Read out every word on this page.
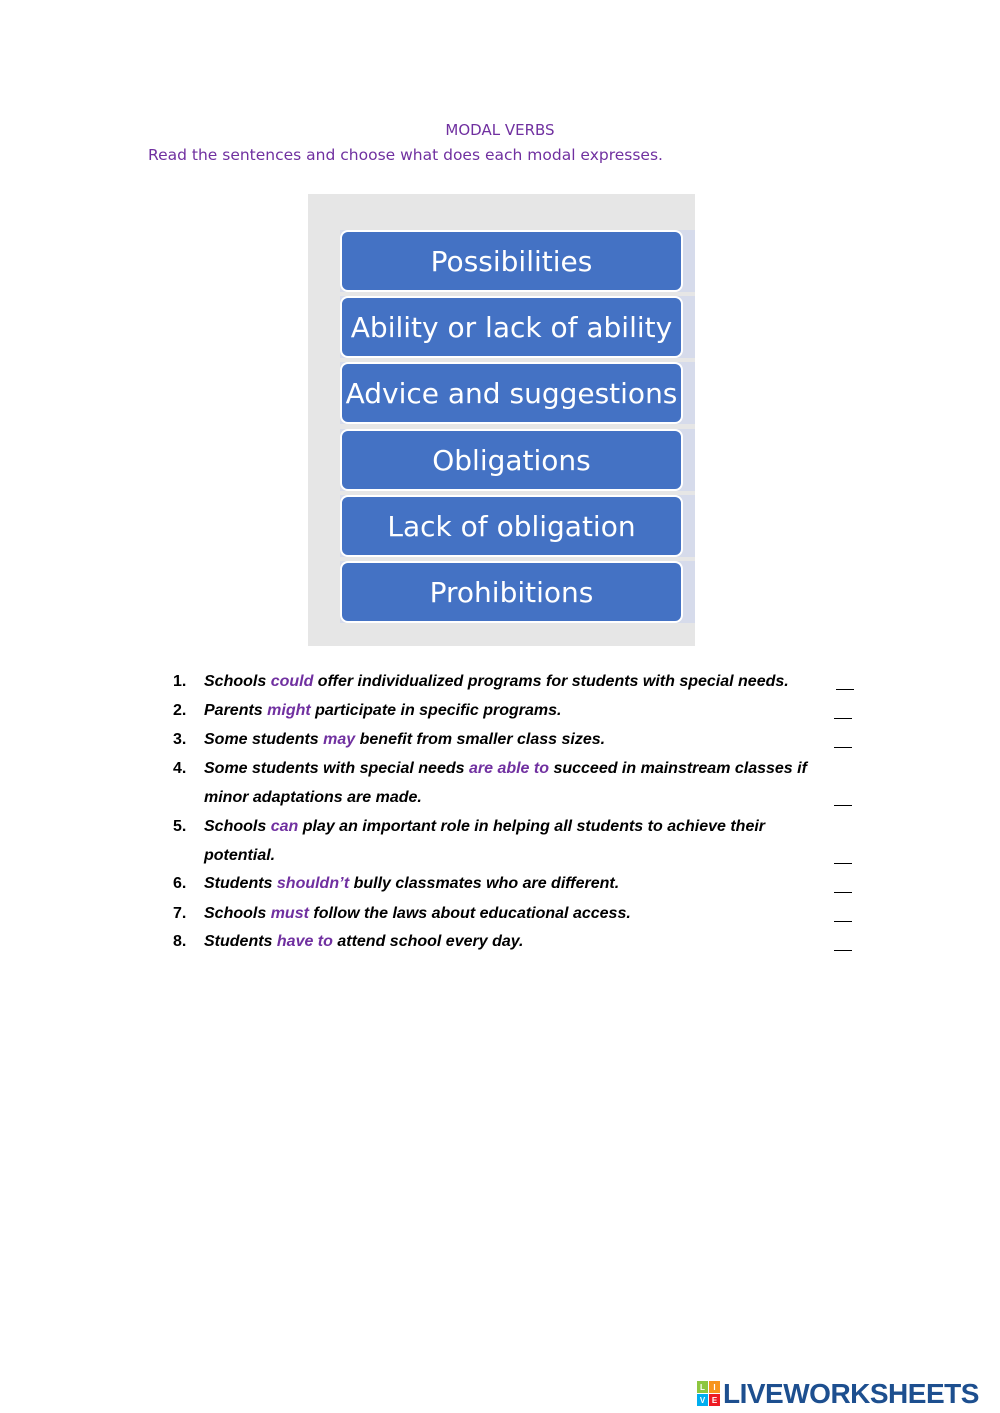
MODAL VERBS

Read the sentences and choose what does each modal expresses.

Possibilities
Ability or lack of ability
Advice and suggestions
Obligations
Lack of obligation
Prohibitions
1. Schools could offer individualized programs for students with special needs.
2. Parents might participate in specific programs.
3. Some students may benefit from smaller class sizes.
4. Some students with special needs are able to succeed in mainstream classes if
minor adaptations are made.
5. Schools can play an important role in helping all students to achieve their
potential.
6. Students shouldn’t bully classmates who are different.
7. Schools must follow the laws about educational access.
8. Students have to attend school every day.
L	I
V E LIVEWORKSHEETS
